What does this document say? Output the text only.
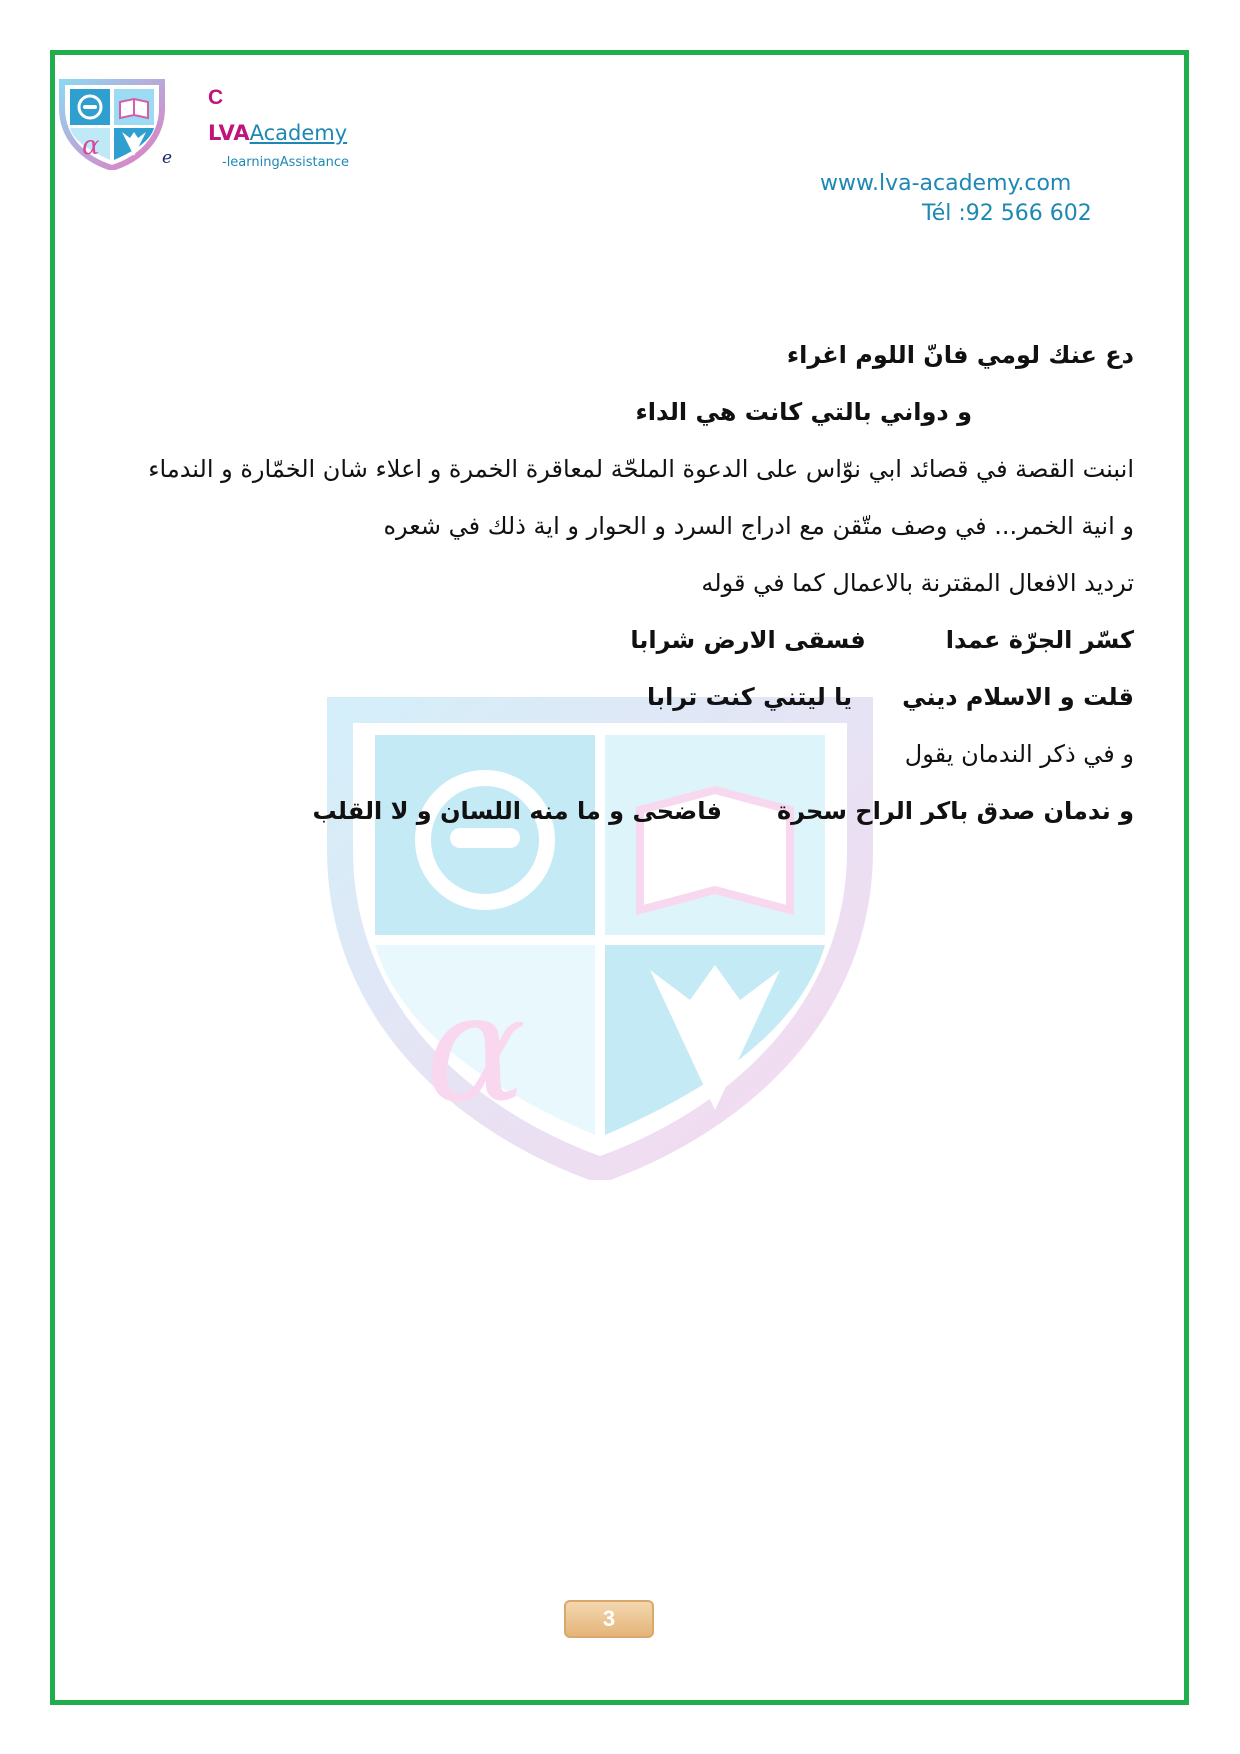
α	e
C
LVAAcademy
-learningAssistance
www.lva-academy.com
Tél :92 566 602
α
دع عنك لومي فانّ اللوم اغراء
و دواني بالتي كانت هي الداء
انبنت القصة في قصائد ابي نوّاس على الدعوة الملحّة لمعاقرة الخمرة و اعلاء شان الخمّارة و الندماء
و انية الخمر... في وصف متّقن مع ادراج السرد و الحوار و اية ذلك في شعره
ترديد الافعال المقترنة بالاعمال كما في قوله
كسّر الجرّة عمدافسقى الارض شرابا
قلت و الاسلام دينييا ليتني كنت ترابا
و في ذكر الندمان يقول
و ندمان صدق باكر الراح سحرةفاضحى و ما منه اللسان و لا القلب
3
